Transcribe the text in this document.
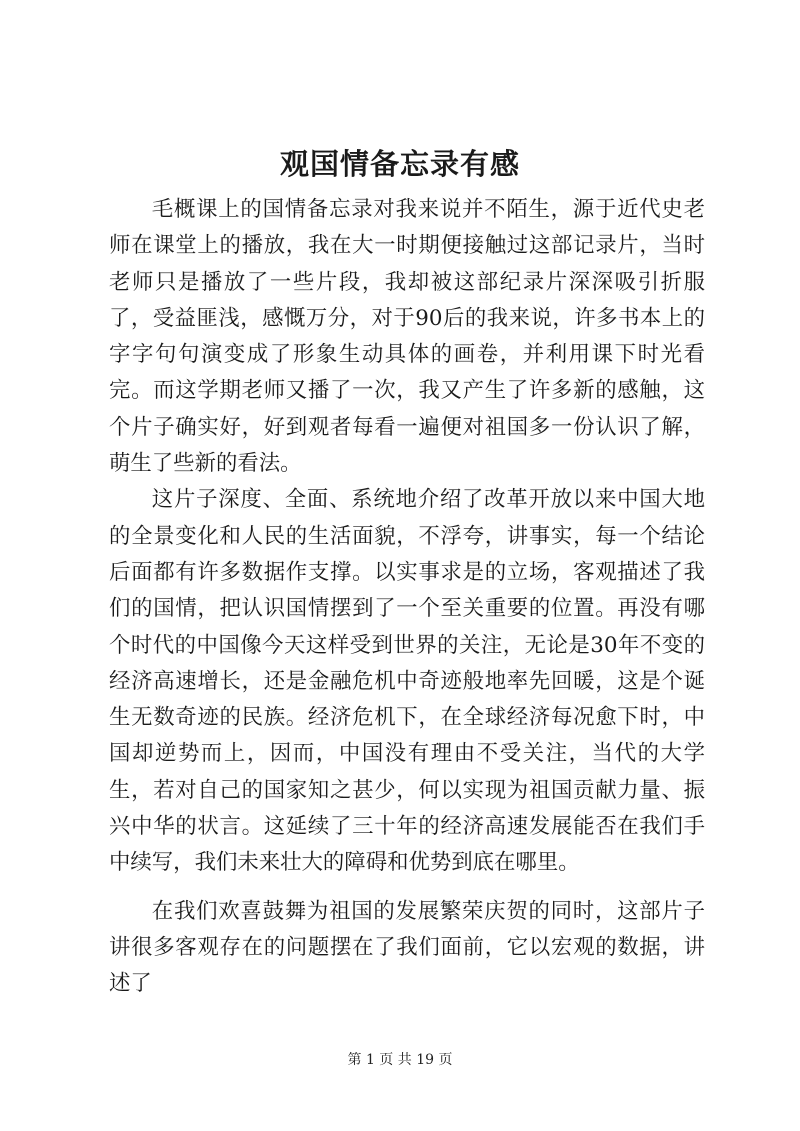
观国情备忘录有感

毛概课上的国情备忘录对我来说并不陌生，源于近代史老师在课堂上的播放，我在大一时期便接触过这部记录片，当时老师只是播放了一些片段，我却被这部纪录片深深吸引折服了，受益匪浅，感慨万分，对于90后的我来说，许多书本上的字字句句演变成了形象生动具体的画卷，并利用课下时光看完。而这学期老师又播了一次，我又产生了许多新的感触，这个片子确实好，好到观者每看一遍便对祖国多一份认识了解，萌生了些新的看法。

这片子深度、全面、系统地介绍了改革开放以来中国大地的全景变化和人民的生活面貌，不浮夸，讲事实，每一个结论后面都有许多数据作支撑。以实事求是的立场，客观描述了我们的国情，把认识国情摆到了一个至关重要的位置。再没有哪个时代的中国像今天这样受到世界的关注，无论是30年不变的经济高速增长，还是金融危机中奇迹般地率先回暖，这是个诞生无数奇迹的民族。经济危机下，在全球经济每况愈下时，中国却逆势而上，因而，中国没有理由不受关注，当代的大学生，若对自己的国家知之甚少，何以实现为祖国贡献力量、振兴中华的状言。这延续了三十年的经济高速发展能否在我们手中续写，我们未来壮大的障碍和优势到底在哪里。

在我们欢喜鼓舞为祖国的发展繁荣庆贺的同时，这部片子讲很多客观存在的问题摆在了我们面前，它以宏观的数据，讲述了

第 1 页 共 19 页
